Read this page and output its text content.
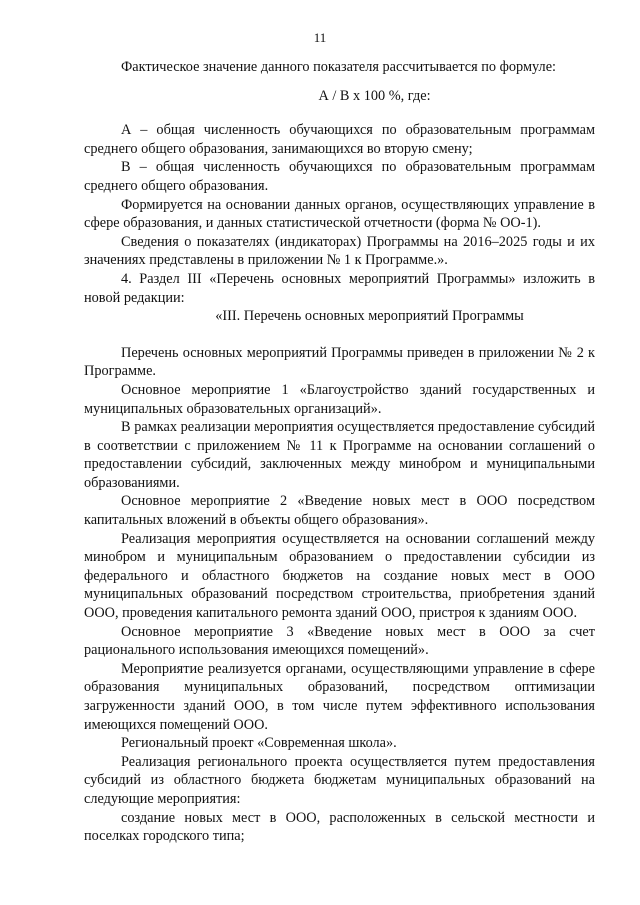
11

Фактическое значение данного показателя рассчитывается по формуле:

А / В х 100 %, где:

А – общая численность обучающихся по образовательным программам среднего общего образования, занимающихся во вторую смену;

В – общая численность обучающихся по образовательным программам среднего общего образования.

Формируется на основании данных органов, осуществляющих управление в сфере образования, и данных статистической отчетности (форма № ОО-1).

Сведения о показателях (индикаторах) Программы на 2016–2025 годы и их значениях представлены в приложении № 1 к Программе.».

4. Раздел III «Перечень основных мероприятий Программы» изложить в новой редакции:

«III. Перечень основных мероприятий Программы

Перечень основных мероприятий Программы приведен в приложении № 2 к Программе.

Основное мероприятие 1 «Благоустройство зданий государственных и муниципальных образовательных организаций».

В рамках реализации мероприятия осуществляется предоставление субсидий в соответствии с приложением № 11 к Программе на основании соглашений о предоставлении субсидий, заключенных между минобром и муниципальными образованиями.

Основное мероприятие 2 «Введение новых мест в ООО посредством капитальных вложений в объекты общего образования».

Реализация мероприятия осуществляется на основании соглашений между минобром и муниципальным образованием о предоставлении субсидии из федерального и областного бюджетов на создание новых мест в ООО муниципальных образований посредством строительства, приобретения зданий ООО, проведения капитального ремонта зданий ООО, пристроя к зданиям ООО.

Основное мероприятие 3 «Введение новых мест в ООО за счет рационального использования имеющихся помещений».

Мероприятие реализуется органами, осуществляющими управление в сфере образования муниципальных образований, посредством оптимизации загруженности зданий ООО, в том числе путем эффективного использования имеющихся помещений ООО.

Региональный проект «Современная школа».

Реализация регионального проекта осуществляется путем предоставления субсидий из областного бюджета бюджетам муниципальных образований на следующие мероприятия:

создание новых мест в ООО, расположенных в сельской местности и поселках городского типа;
